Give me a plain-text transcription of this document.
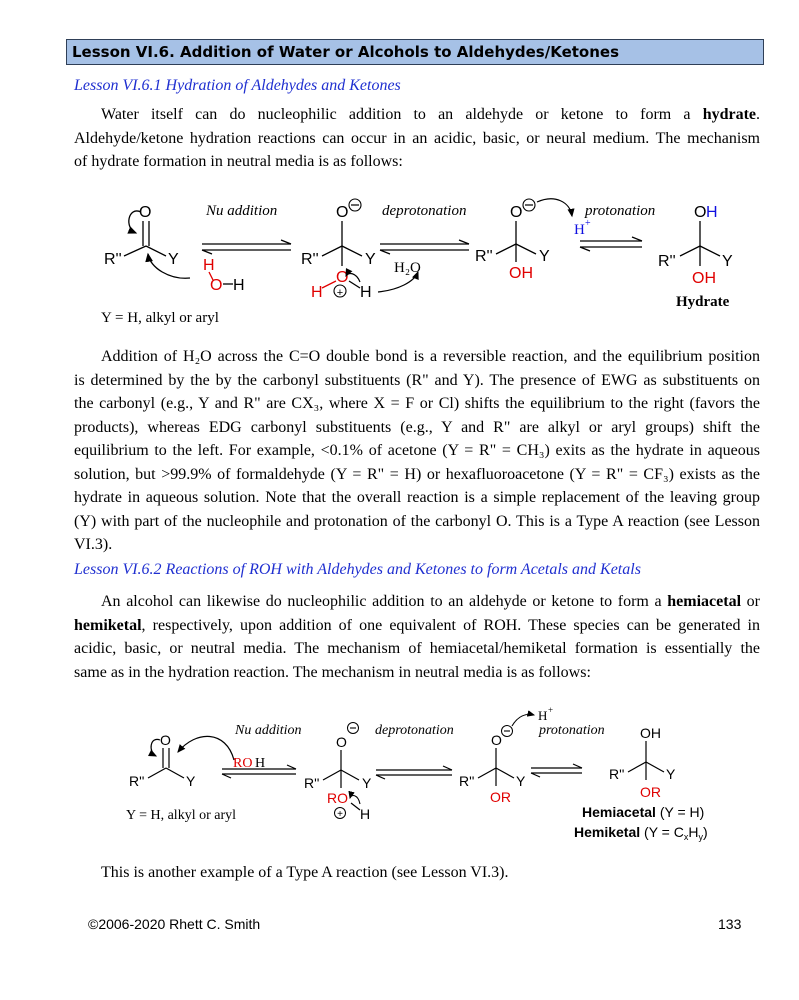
Lesson VI.6. Addition of Water or Alcohols to Aldehydes/Ketones
Lesson VI.6.1 Hydration of Aldehydes and Ketones

Water itself can do nucleophilic addition to an aldehyde or ketone to form a hydrate.
Aldehyde/ketone hydration reactions can occur in an acidic, basic, or neural medium. The mechanism
of hydrate formation in neutral media is as follows:

O
R''	Y H
O H
Nu addition	O
R''	Y
O
H H
+
deprotonation
H₂O
O
R''	Y
OH
protonation
H +
O H
R''	Y
OH
Hydrate
Y = H, alkyl or aryl

Addition of H₂O across the C=O double bond is a reversible reaction, and the equilibrium position
is determined by the by the carbonyl substituents (R" and Y). The presence of EWG as substituents on
the carbonyl (e.g., Y and R" are CX₃, where X = F or Cl) shifts the equilibrium to the right (favors the
products), whereas EDG carbonyl substituents (e.g., Y and R" are alkyl or aryl groups) shift the
equilibrium to the left. For example, <0.1% of acetone (Y = R" = CH₃) exits as the hydrate in aqueous
solution, but >99.9% of formaldehyde (Y = R" = H) or hexafluoroacetone (Y = R" = CF₃) exists as the
hydrate in aqueous solution. Note that the overall reaction is a simple replacement of the leaving group
(Y) with part of the nucleophile and protonation of the carbonyl O. This is a Type A reaction (see Lesson
VI.3).

Lesson VI.6.2 Reactions of ROH with Aldehydes and Ketones to form Acetals and Ketals

An alcohol can likewise do nucleophilic addition to an aldehyde or ketone to form a hemiacetal or
hemiketal, respectively, upon addition of one equivalent of ROH. These species can be generated in
acidic, basic, or neutral media. The mechanism of hemiacetal/hemiketal formation is essentially the
same as in the hydration reaction. The mechanism in neutral media is as follows:

O
R''	Y
RO H
Nu addition
O
R''	Y
RO
H
+
deprotonation
O
H +
R''	Y
OR
protonation	OH
R''	Y
OR
Hemiacetal (Y = H)
Hemiketal $(Y = C_xH_y)$
Y = H, alkyl or aryl
This is another example of a Type A reaction (see Lesson VI.3).
©2006-2020 Rhett C. Smith	133
